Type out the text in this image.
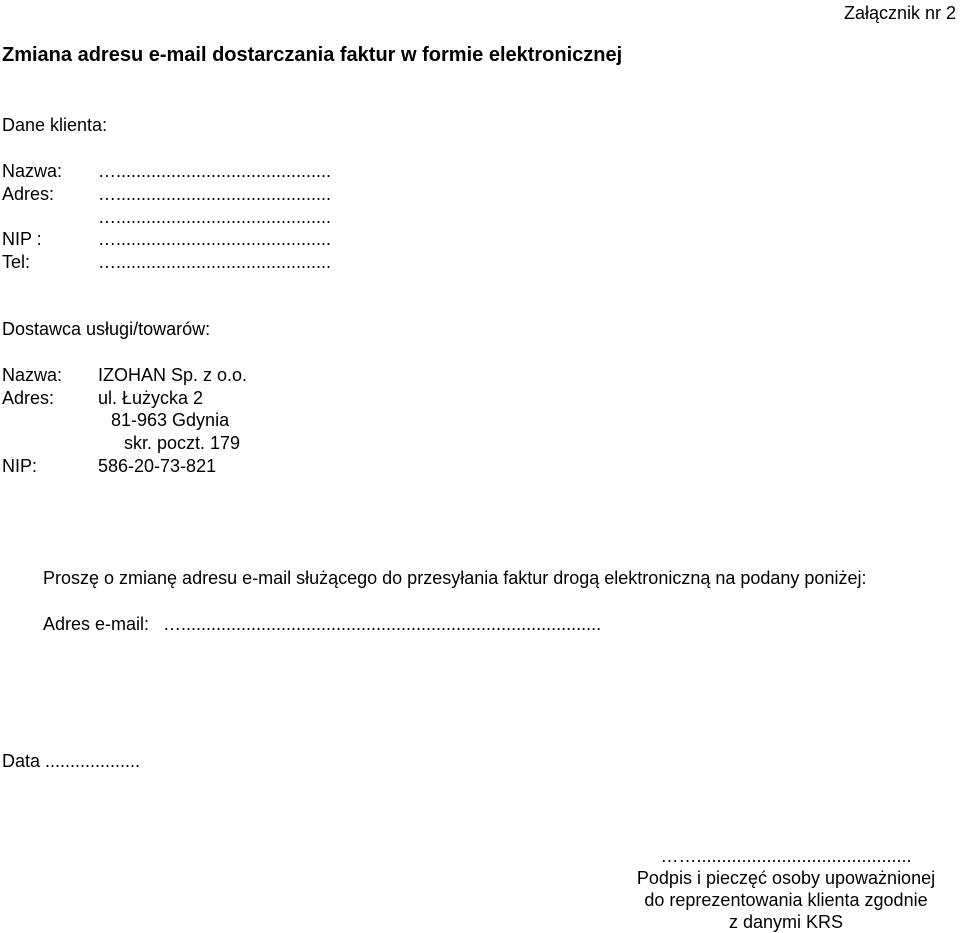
Załącznik nr 2
Zmiana adresu e-mail dostarczania faktur w formie elektronicznej
Dane klienta:
Nazwa: …...........................................
Adres: …...........................................
…...........................................
NIP :	…...........................................
Tel:	…...........................................
Dostawca usługi/towarów:
Nazwa: IZOHAN Sp. z o.o.
Adres: ul. Łużycka 2
81-963 Gdynia
skr. poczt. 179
NIP:	586-20-73-821
Proszę o zmianę adresu e-mail służącego do przesyłania faktur drogą elektroniczną na podany poniżej:
Adres e-mail: …....................................................................................
Data ...................
……...........................................
Podpis i pieczęć osoby upoważnionej
do reprezentowania klienta zgodnie
z danymi KRS
